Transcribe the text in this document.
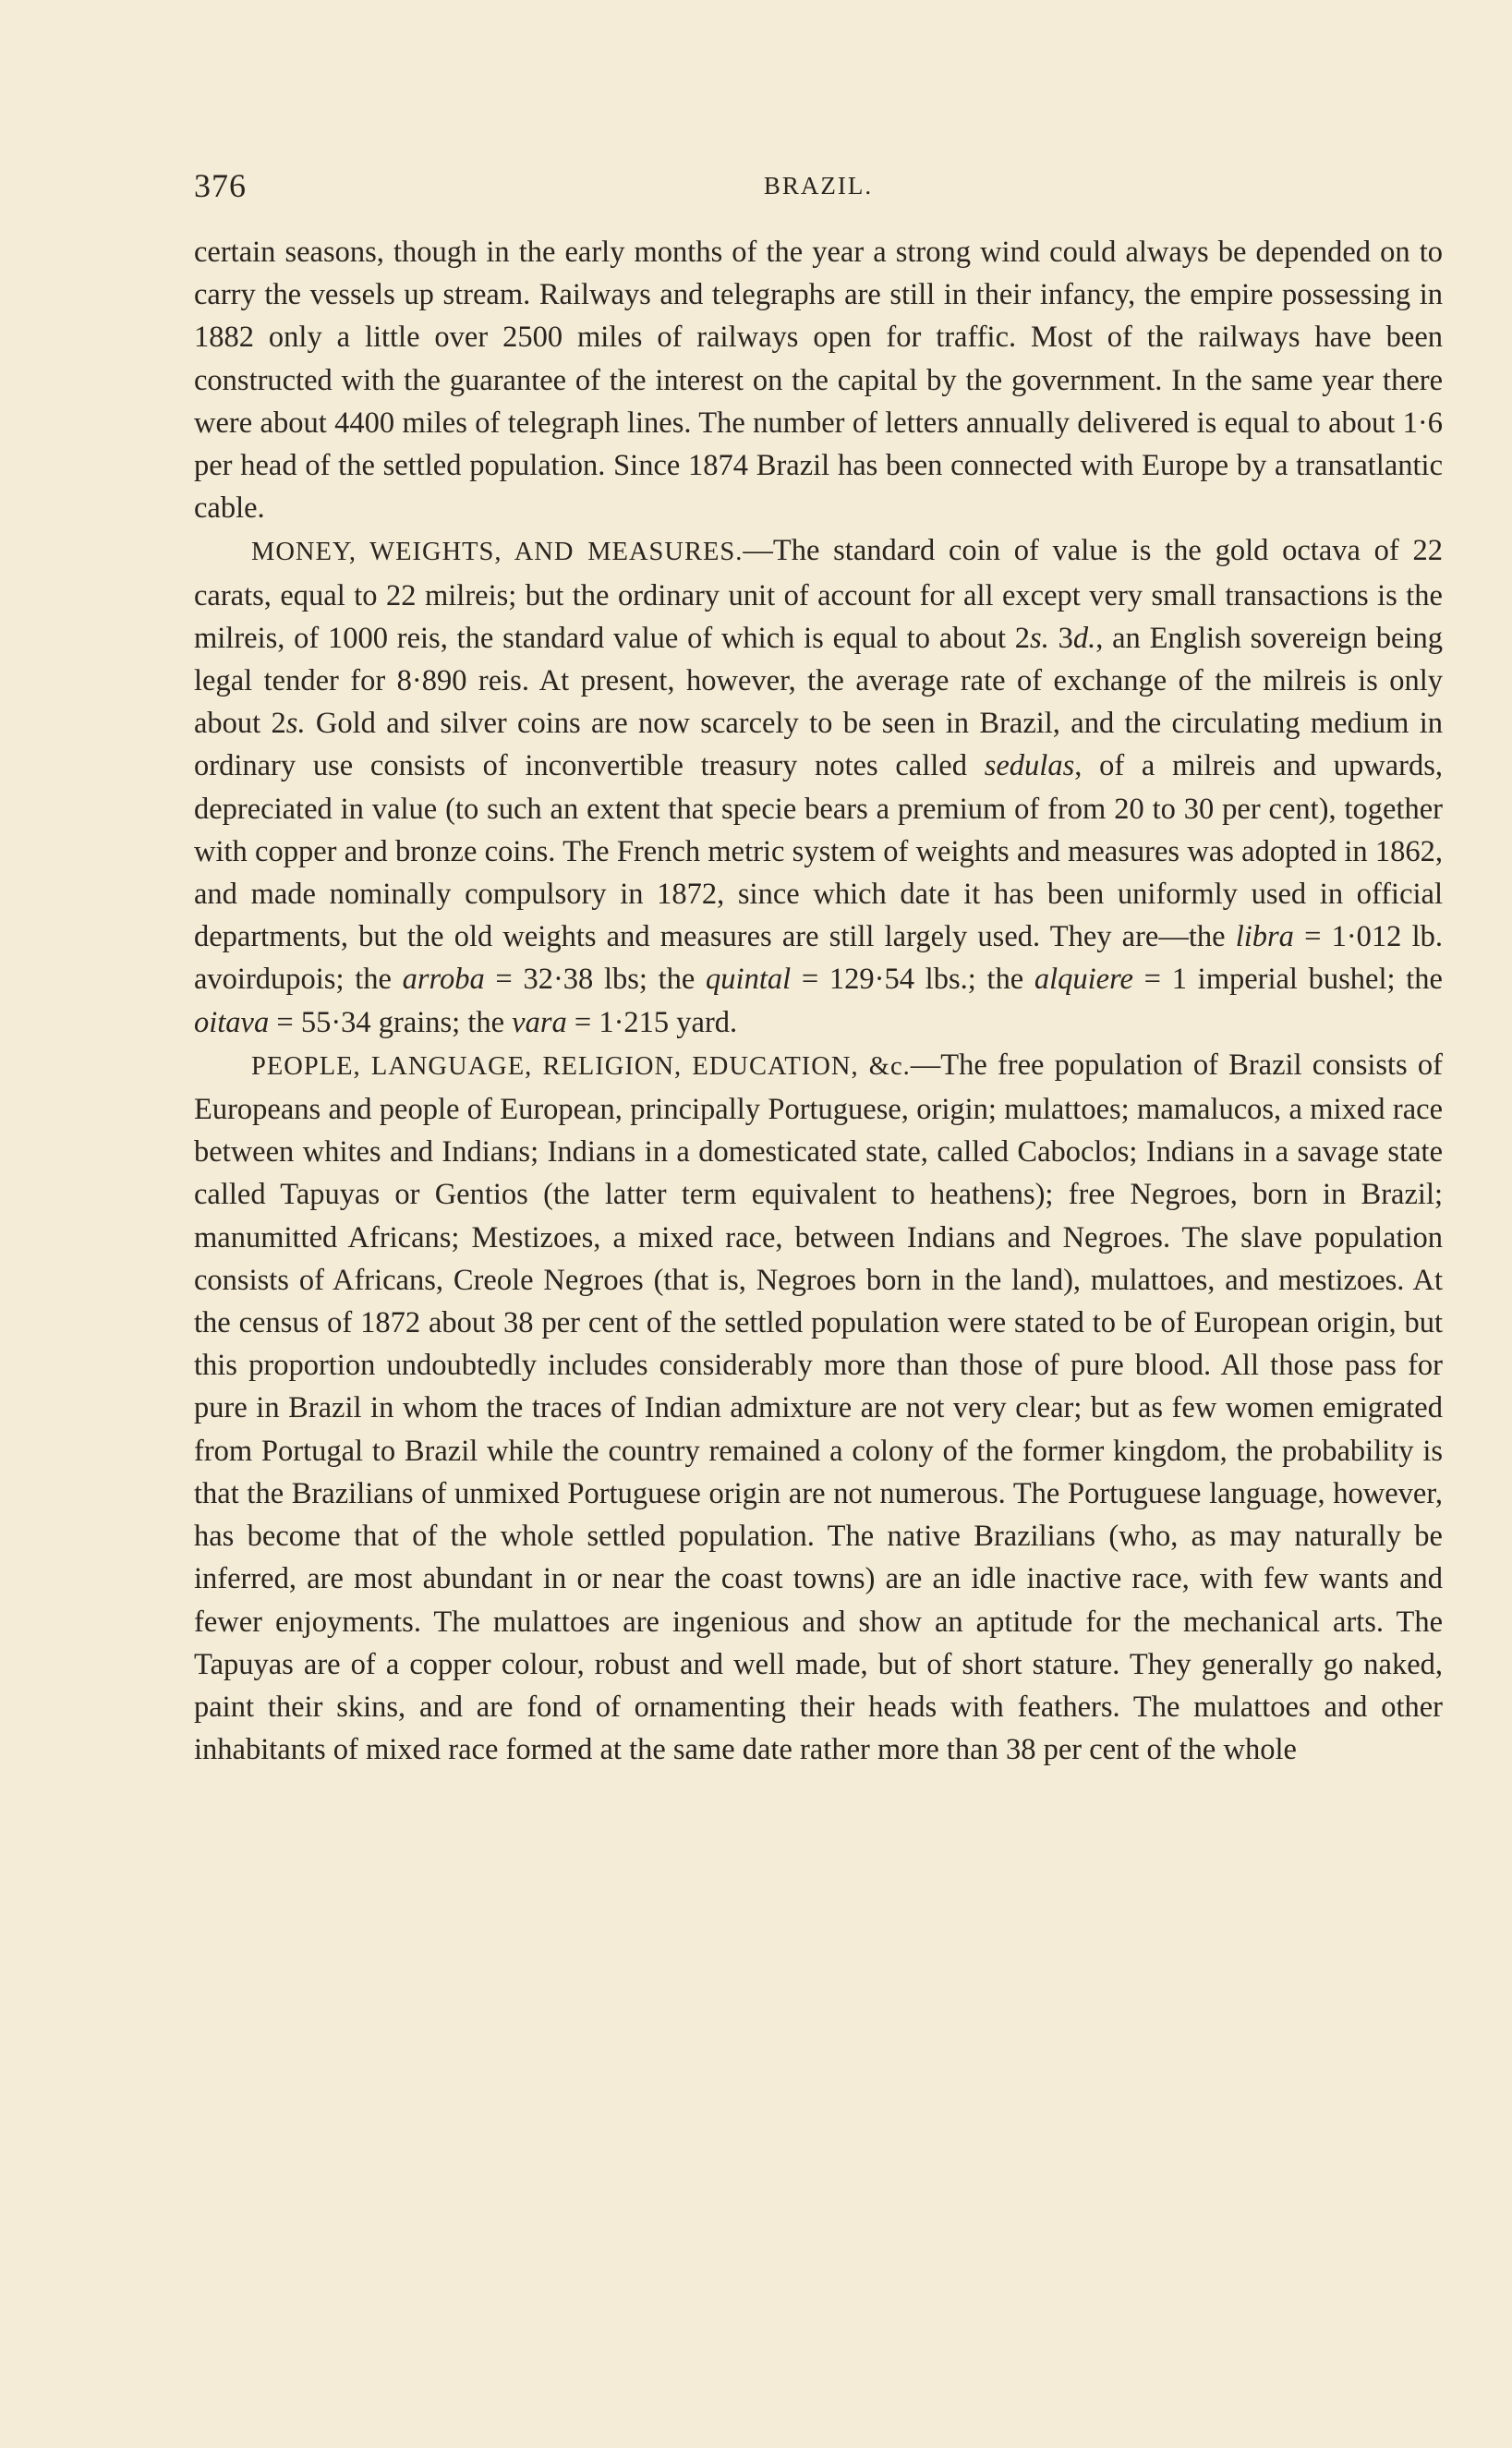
376	BRAZIL.

certain seasons, though in the early months of the year a strong wind could always be depended on to carry the vessels up stream. Railways and telegraphs are still in their infancy, the empire possessing in 1882 only a little over 2500 miles of railways open for traffic. Most of the railways have been constructed with the guarantee of the interest on the capital by the government. In the same year there were about 4400 miles of telegraph lines. The number of letters annually delivered is equal to about 1·6 per head of the settled population. Since 1874 Brazil has been connected with Europe by a transatlantic cable.

MONEY, WEIGHTS, AND MEASURES.—The standard coin of value is the gold octava of 22 carats, equal to 22 milreis; but the ordinary unit of account for all except very small transactions is the milreis, of 1000 reis, the standard value of which is equal to about 2s. 3d., an English sovereign being legal tender for 8·890 reis. At present, however, the average rate of exchange of the milreis is only about 2s. Gold and silver coins are now scarcely to be seen in Brazil, and the circulating medium in ordinary use consists of inconvertible treasury notes called sedulas, of a milreis and upwards, depreciated in value (to such an extent that specie bears a premium of from 20 to 30 per cent), together with copper and bronze coins. The French metric system of weights and measures was adopted in 1862, and made nominally compulsory in 1872, since which date it has been uniformly used in official departments, but the old weights and measures are still largely used. They are—the libra = 1·012 lb. avoirdupois; the arroba = 32·38 lbs; the quintal = 129·54 lbs.; the alquiere = 1 imperial bushel; the oitava = 55·34 grains; the vara = 1·215 yard.

PEOPLE, LANGUAGE, RELIGION, EDUCATION, &c.—The free population of Brazil consists of Europeans and people of European, principally Portuguese, origin; mulattoes; mamalucos, a mixed race between whites and Indians; Indians in a domesticated state, called Caboclos; Indians in a savage state called Tapuyas or Gentios (the latter term equivalent to heathens); free Negroes, born in Brazil; manumitted Africans; Mestizoes, a mixed race, between Indians and Negroes. The slave population consists of Africans, Creole Negroes (that is, Negroes born in the land), mulattoes, and mestizoes. At the census of 1872 about 38 per cent of the settled population were stated to be of European origin, but this proportion undoubtedly includes considerably more than those of pure blood. All those pass for pure in Brazil in whom the traces of Indian admixture are not very clear; but as few women emigrated from Portugal to Brazil while the country remained a colony of the former kingdom, the probability is that the Brazilians of unmixed Portuguese origin are not numerous. The Portuguese language, however, has become that of the whole settled population. The native Brazilians (who, as may naturally be inferred, are most abundant in or near the coast towns) are an idle inactive race, with few wants and fewer enjoyments. The mulattoes are ingenious and show an aptitude for the mechanical arts. The Tapuyas are of a copper colour, robust and well made, but of short stature. They generally go naked, paint their skins, and are fond of ornamenting their heads with feathers. The mulattoes and other inhabitants of mixed race formed at the same date rather more than 38 per cent of the whole
